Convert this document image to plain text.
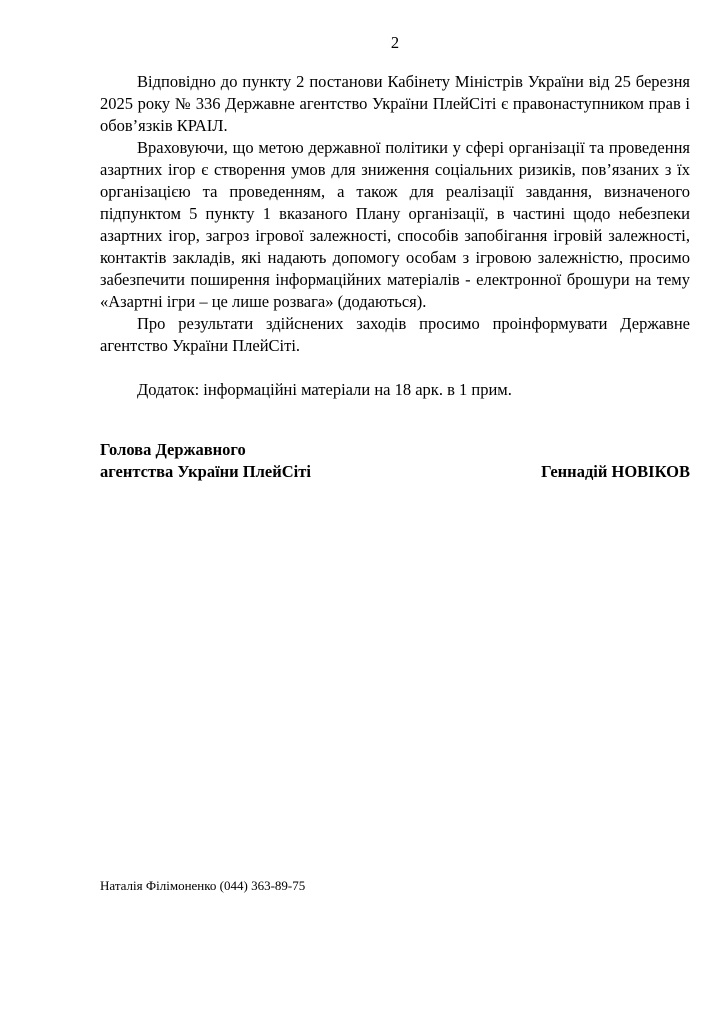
2

Відповідно до пункту 2 постанови Кабінету Міністрів України від 25 березня 2025 року № 336 Державне агентство України ПлейСіті є правонаступником прав і обов’язків КРАІЛ.

Враховуючи, що метою державної політики у сфері організації та проведення азартних ігор є створення умов для зниження соціальних ризиків, пов’язаних з їх організацією та проведенням, а також для реалізації завдання, визначеного підпунктом 5 пункту 1 вказаного Плану організації, в частині щодо небезпеки азартних ігор, загроз ігрової залежності, способів запобігання ігровій залежності, контактів закладів, які надають допомогу особам з ігровою залежністю, просимо забезпечити поширення інформаційних матеріалів - електронної брошури на тему «Азартні ігри – це лише розвага» (додаються).

Про результати здійснених заходів просимо проінформувати Державне агентство України ПлейСіті.

Додаток: інформаційні матеріали на 18 арк. в 1 прим.

Голова Державного
агентства України ПлейСіті	Геннадій НОВІКОВ
Наталія Філімоненко (044) 363-89-75
